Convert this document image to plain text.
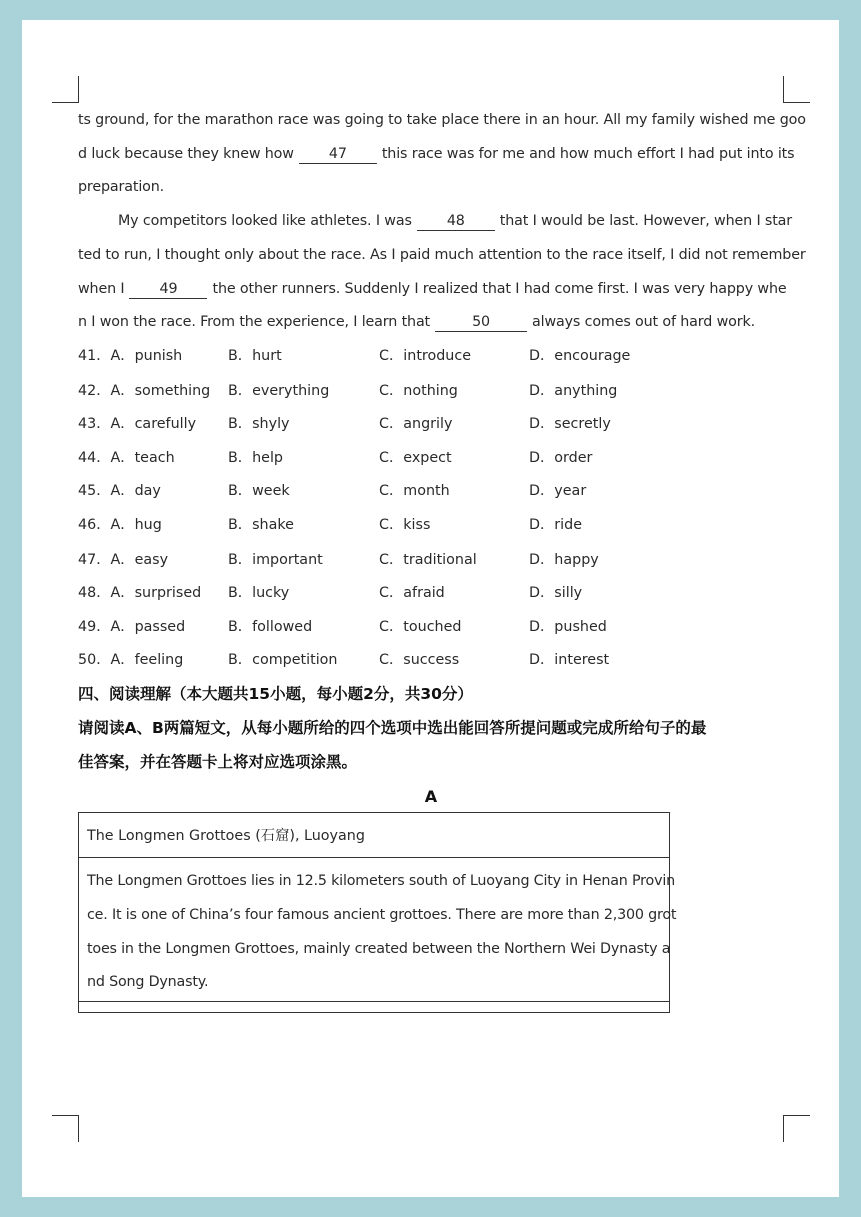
ts ground, for the marathon race was going to take place there in an hour. All my family wished me goo
d luck because they knew how 47 this race was for me and how much effort I had put into its
preparation.
My competitors looked like athletes. I was 48 that I would be last. However, when I star
ted to run, I thought only about the race. As I paid much attention to the race itself, I did not remember
when I 49 the other runners. Suddenly I realized that I had come first. I was very happy whe
n I won the race. From the experience, I learn that	50	always comes out of hard work.
41．A．punish	B．hurt	C．introduce	D．encourage
42．A．something B．everything	C．nothing	D．anything
43．A．carefully B．shyly	C．angrily	D．secretly
44．A．teach	B．help	C．expect	D．order
45．A．day	B．week	C．month	D．year
46．A．hug	B．shake	C．kiss	D．ride
47．A．easy	B．important	C．traditional	D．happy
48．A．surprised B．lucky	C．afraid	D．silly
49．A．passed	B．followed	C．touched	D．pushed
50．A．feeling	B．competition	C．success	D．interest
四、阅读理解（本大题共15小题，每小题2分，共30分）
请阅读A、B两篇短文，从每小题所给的四个选项中选出能回答所提问题或完成所给句子的最
佳答案，并在答题卡上将对应选项涂黑。
A
The Longmen Grottoes (石窟), Luoyang
The Longmen Grottoes lies in 12.5 kilometers south of Luoyang City in Henan Provin
ce. It is one of China’s four famous ancient grottoes. There are more than 2,300 grot
toes in the Longmen Grottoes, mainly created between the Northern Wei Dynasty a
nd Song Dynasty.
